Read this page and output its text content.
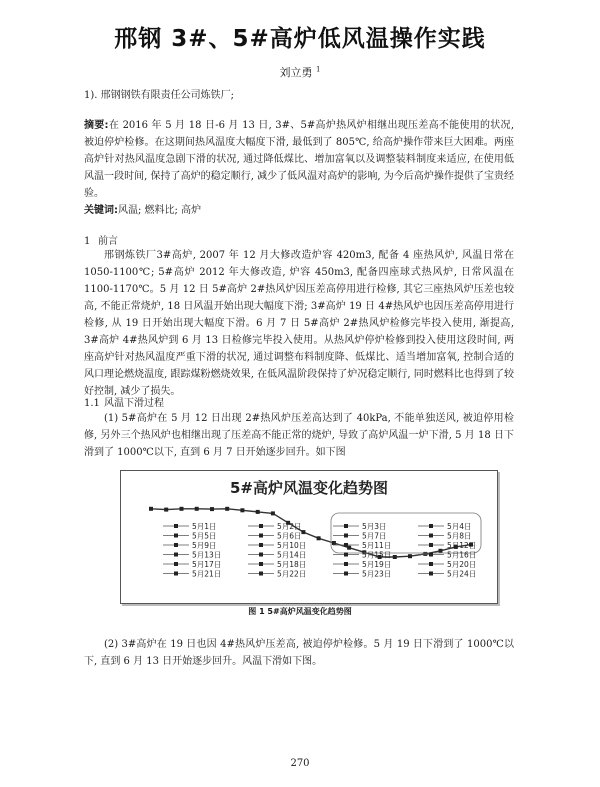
邢钢 3#、5#高炉低风温操作实践
刘立勇 $^1$
1). 邢钢钢铁有限责任公司炼铁厂;
摘要:在 2016 年 5 月 18 日-6 月 13 日, 3#、5#高炉热风炉相继出现压差高不能使用的状况, 被迫停炉检修。在这期间热风温度大幅度下滑, 最低到了 805℃, 给高炉操作带来巨大困难。两座高炉针对热风温度急剧下滑的状况, 通过降低煤比、增加富氧以及调整装料制度来适应, 在使用低风温一段时间, 保持了高炉的稳定顺行, 减少了低风温对高炉的影响, 为今后高炉操作提供了宝贵经验。
关键词:风温; 燃料比; 高炉
1 前言
邢钢炼铁厂3#高炉, 2007 年 12 月大修改造炉容 420m3, 配备 4 座热风炉, 风温日常在 1050-1100℃; 5#高炉 2012 年大修改造, 炉容 450m3, 配备四座球式热风炉, 日常风温在 1100-1170℃。5 月 12 日 5#高炉 2#热风炉因压差高停用进行检修, 其它三座热风炉压差也较高, 不能正常烧炉, 18 日风温开始出现大幅度下滑; 3#高炉 19 日 4#热风炉也因压差高停用进行检修, 从 19 日开始出现大幅度下滑。6 月 7 日 5#高炉 2#热风炉检修完毕投入使用, 渐提高, 3#高炉 4#热风炉到 6 月 13 日检修完毕投入使用。从热风炉停炉检修到投入使用这段时间, 两座高炉针对热风温度严重下滑的状况, 通过调整布料制度降、低煤比、适当增加富氧, 控制合适的风口理论燃烧温度, 跟踪煤粉燃烧效果, 在低风温阶段保持了炉况稳定顺行, 同时燃料比也得到了较好控制, 减少了损失。
1.1 风温下滑过程
(1) 5#高炉在 5 月 12 日出现 2#热风炉压差高达到了 40kPa, 不能单独送风, 被迫停用检修, 另外三个热风炉也相继出现了压差高不能正常的烧炉, 导致了高炉风温一炉下滑, 5 月 18 日下滑到了 1000℃以下, 直到 6 月 7 日开始逐步回升。如下图
5#高炉风温变化趋势图
5月1日	5月2日	5月3日	5月4日
5月5日	5月6日	5月7日	5月8日
5月9日	5月10日	5月11日	5月12日
5月13日	5月14日	5月15日	5月16日
5月17日	5月18日	5月19日	5月20日
5月21日	5月22日	5月23日	5月24日
图 1 5#高炉风温变化趋势图
(2) 3#高炉在 19 日也因 4#热风炉压差高, 被迫停炉检修。5 月 19 日下滑到了 1000℃以下, 直到 6 月 13 日开始逐步回升。风温下滑如下图。
270
